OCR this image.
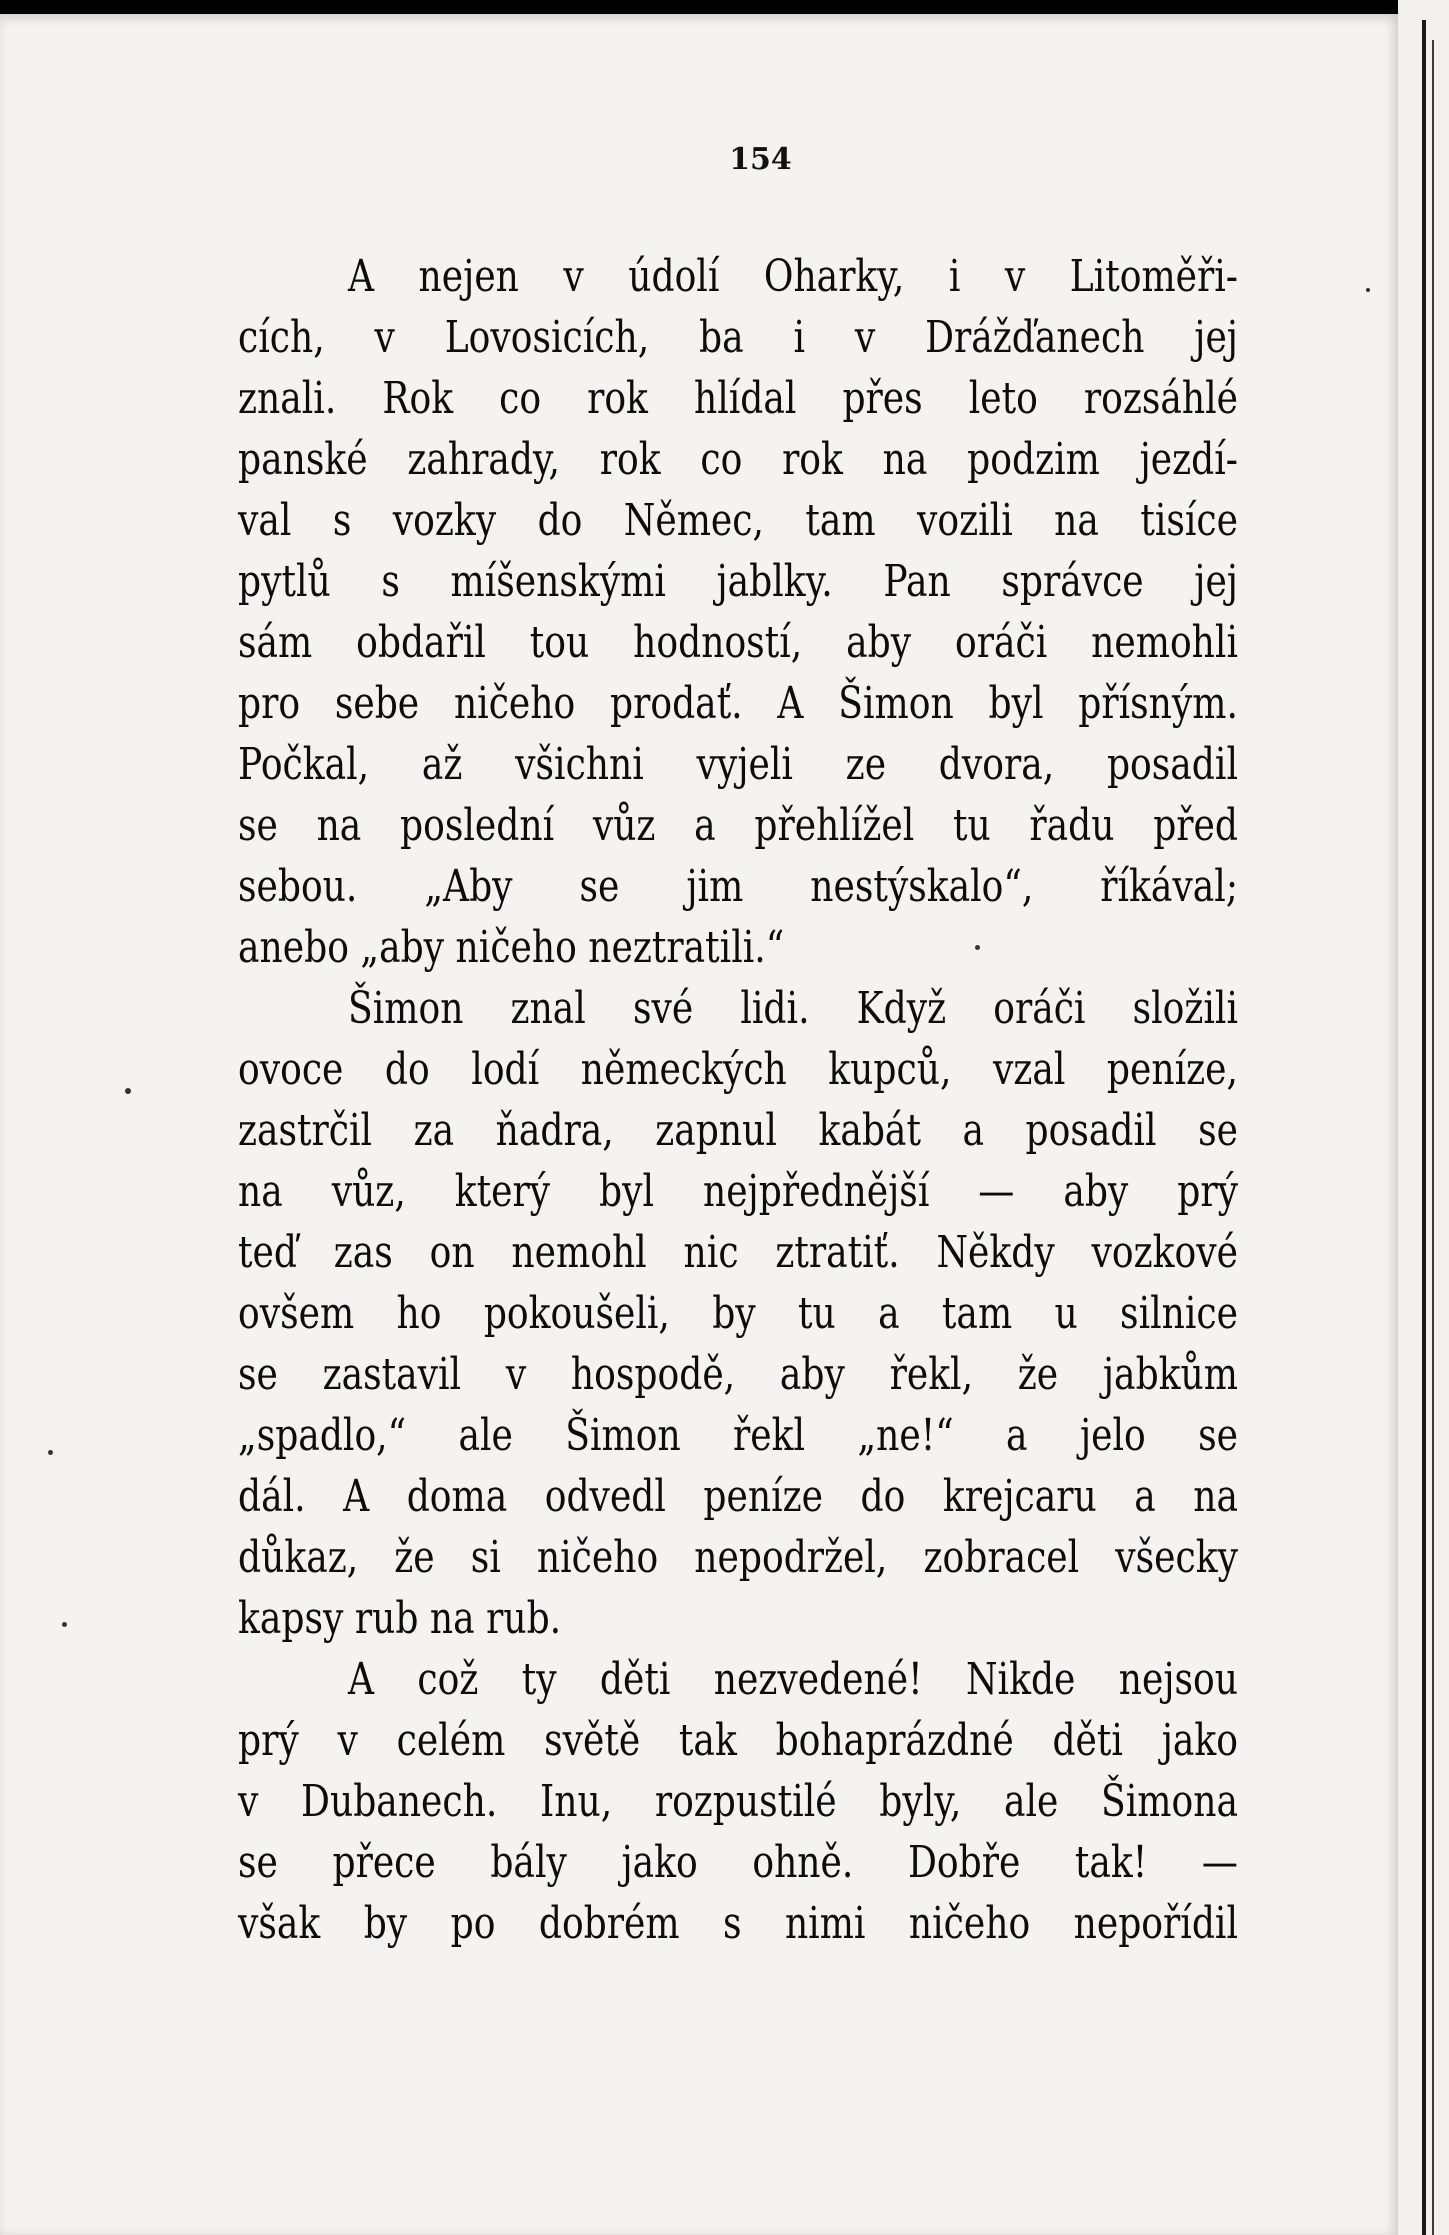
154

A nejen v údolí Oharky, i v Litoměři-
cích, v Lovosicích, ba i v Drážďanech jej
znali. Rok co rok hlídal přes leto rozsáhlé
panské zahrady, rok co rok na podzim jezdí-
val s vozky do Němec, tam vozili na tisíce
pytlů s míšenskými jablky. Pan správce jej
sám obdařil tou hodností, aby oráči nemohli
pro sebe ničeho prodať. A Šimon byl přísným.
Počkal, až všichni vyjeli ze dvora, posadil
se na poslední vůz a přehlížel tu řadu před
sebou. „Aby se jim nestýskalo“, říkával;
anebo „aby ničeho neztratili.“
Šimon znal své lidi. Když oráči složili
ovoce do lodí německých kupců, vzal peníze,
zastrčil za ňadra, zapnul kabát a posadil se
na vůz, který byl nejpřednější — aby prý
teď zas on nemohl nic ztratiť. Někdy vozkové
ovšem ho pokoušeli, by tu a tam u silnice
se zastavil v hospodě, aby řekl, že jabkům
„spadlo,“ ale Šimon řekl „ne!“ a jelo se
dál. A doma odvedl peníze do krejcaru a na
důkaz, že si ničeho nepodržel, zobracel všecky
kapsy rub na rub.
A což ty děti nezvedené! Nikde nejsou
prý v celém světě tak bohaprázdné děti jako
v Dubanech. Inu, rozpustilé byly, ale Šimona
se přece bály jako ohně. Dobře tak! —
však by po dobrém s nimi ničeho nepořídil
